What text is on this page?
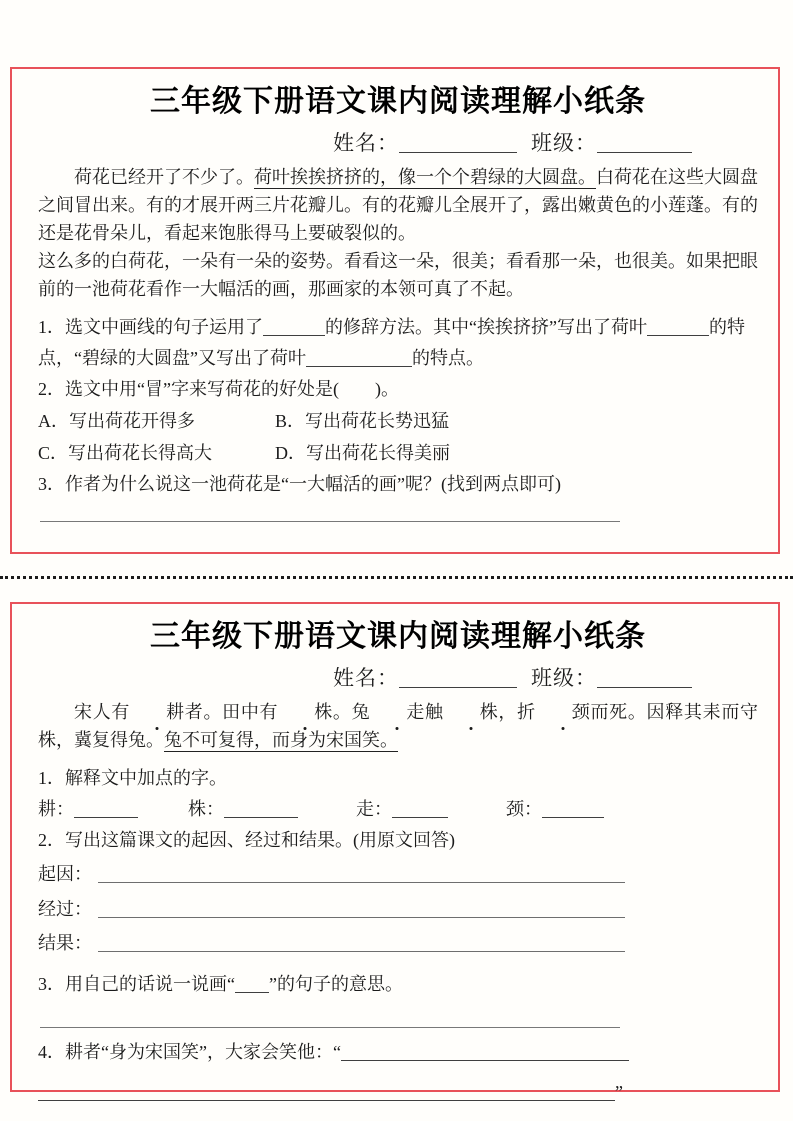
三年级下册语文课内阅读理解小纸条
姓名：	班级：

荷花已经开了不少了。荷叶挨挨挤挤的，像一个个碧绿的大圆盘。白荷花在这些大圆盘之间冒出来。有的才展开两三片花瓣儿。有的花瓣儿全展开了，露出嫩黄色的小莲蓬。有的还是花骨朵儿，看起来饱胀得马上要破裂似的。

这么多的白荷花，一朵有一朵的姿势。看看这一朵，很美；看看那一朵，也很美。如果把眼前的一池荷花看作一大幅活的画，那画家的本领可真了不起。

1．选文中画线的句子运用了	的修辞方法。其中“挨挨挤挤”写出了荷叶	的特点，“碧绿的大圆盘”又写出了荷叶	的特点。
2．选文中用“冒”字来写荷花的好处是(　　)。
A．写出荷花开得多	B．写出荷花长势迅猛
C．写出荷花长得高大	D．写出荷花长得美丽
3．作者为什么说这一池荷花是“一大幅活的画”呢？(找到两点即可)
三年级下册语文课内阅读理解小纸条
姓名：	班级：

宋人有 耕者。田中有 株。兔 走触 株，折 颈而死。因释其耒而守株，冀复得兔。兔不可复得，而身为宋国笑。

1．解释文中加点的字。
耕：	株：	走：	颈：
2．写出这篇课文的起因、经过和结果。(用原文回答)
起因：
经过：
结果：
3．用自己的话说一说画“ ”的句子的意思。
4．耕者“身为宋国笑”，大家会笑他：“
”
